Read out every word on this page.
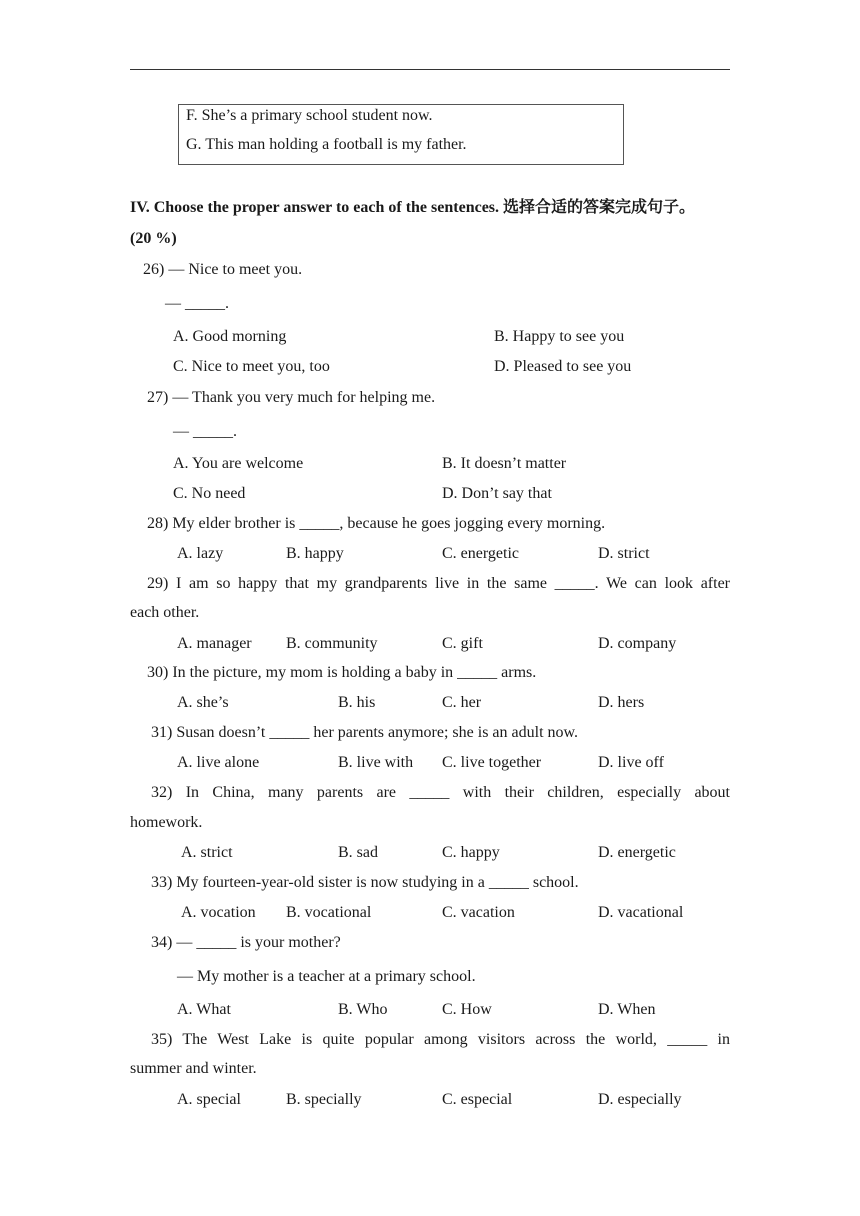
F. She’s a primary school student now.
G. This man holding a football is my father.
IV. Choose the proper answer to each of the sentences. 选择合适的答案完成句子。
(20 %)
26) — Nice to meet you.
— _____.
A. Good morning	B. Happy to see you
C. Nice to meet you, too	D. Pleased to see you
27) — Thank you very much for helping me.
— _____.
A. You are welcome	B. It doesn’t matter
C. No need	D. Don’t say that
28) My elder brother is _____, because he goes jogging every morning.
A. lazy	B. happy	C. energetic	D. strict
29) I am so happy that my grandparents live in the same _____. We can look after
each other.
A. manager B. community	C. gift	D. company
30) In the picture, my mom is holding a baby in _____ arms.
A. she’s	B. his	C. her	D. hers
31) Susan doesn’t _____ her parents anymore; she is an adult now.
A. live alone	B. live with C. live together	D. live off
32) In China, many parents are _____ with their children, especially about
homework.
A. strict	B. sad	C. happy	D. energetic
33) My fourteen-year-old sister is now studying in a _____ school.
A. vocation B. vocational	C. vacation	D. vacational
34) — _____ is your mother?
— My mother is a teacher at a primary school.
A. What	B. Who	C. How	D. When
35) The West Lake is quite popular among visitors across the world, _____ in
summer and winter.
A. special	B. specially	C. especial	D. especially
